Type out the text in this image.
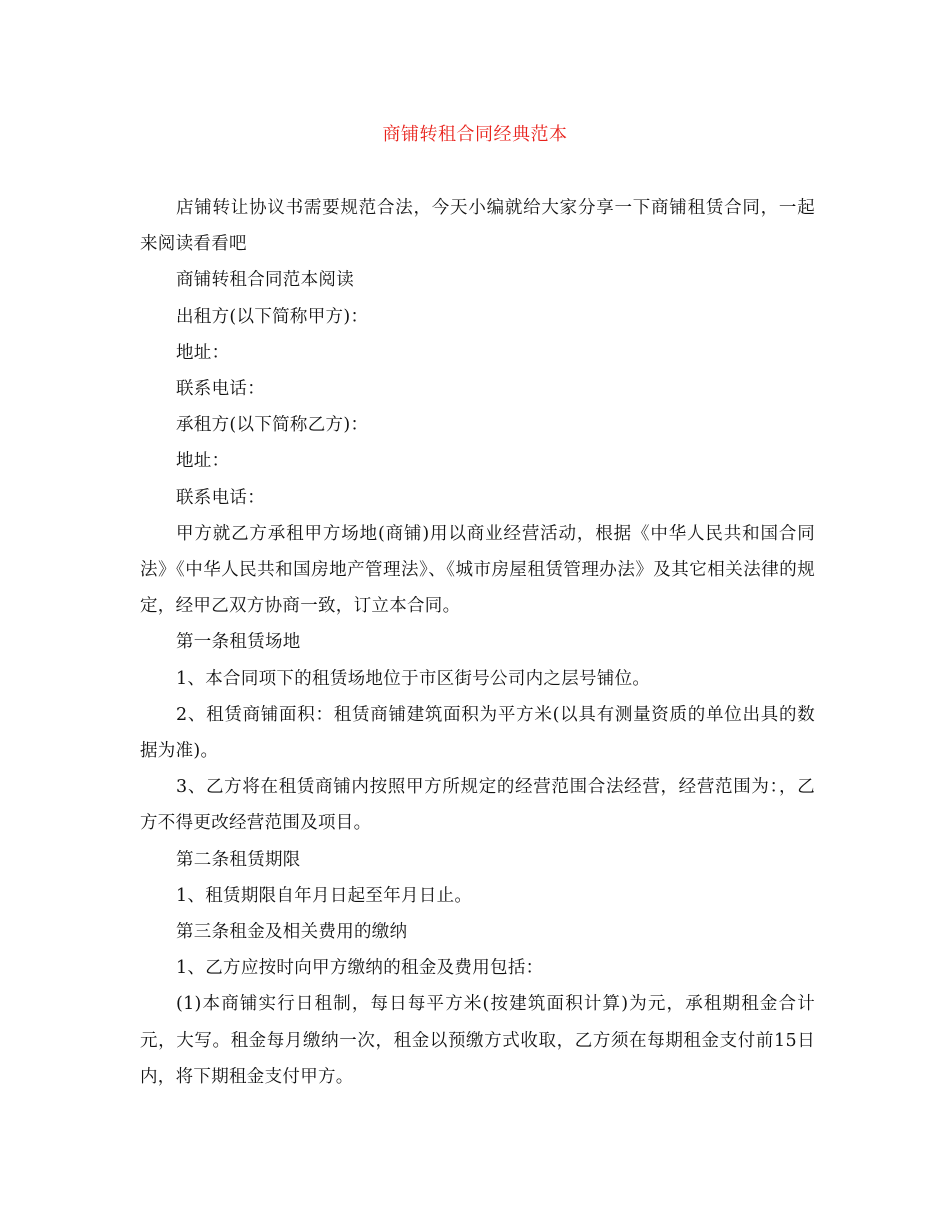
商铺转租合同经典范本

店铺转让协议书需要规范合法，今天小编就给大家分享一下商铺租赁合同，一起来阅读看看吧

商铺转租合同范本阅读

出租方(以下简称甲方)：

地址：

联系电话：

承租方(以下简称乙方)：

地址：

联系电话：

甲方就乙方承租甲方场地(商铺)用以商业经营活动，根据《中华人民共和国合同法》《中华人民共和国房地产管理法》、《城市房屋租赁管理办法》及其它相关法律的规定，经甲乙双方协商一致，订立本合同。

第一条租赁场地

1、本合同项下的租赁场地位于市区街号公司内之层号铺位。

2、租赁商铺面积：租赁商铺建筑面积为平方米(以具有测量资质的单位出具的数据为准)。

3、乙方将在租赁商铺内按照甲方所规定的经营范围合法经营，经营范围为：，乙方不得更改经营范围及项目。

第二条租赁期限

1、租赁期限自年月日起至年月日止。

第三条租金及相关费用的缴纳

1、乙方应按时向甲方缴纳的租金及费用包括：

(1)本商铺实行日租制，每日每平方米(按建筑面积计算)为元，承租期租金合计元，大写。租金每月缴纳一次，租金以预缴方式收取，乙方须在每期租金支付前15日内，将下期租金支付甲方。
